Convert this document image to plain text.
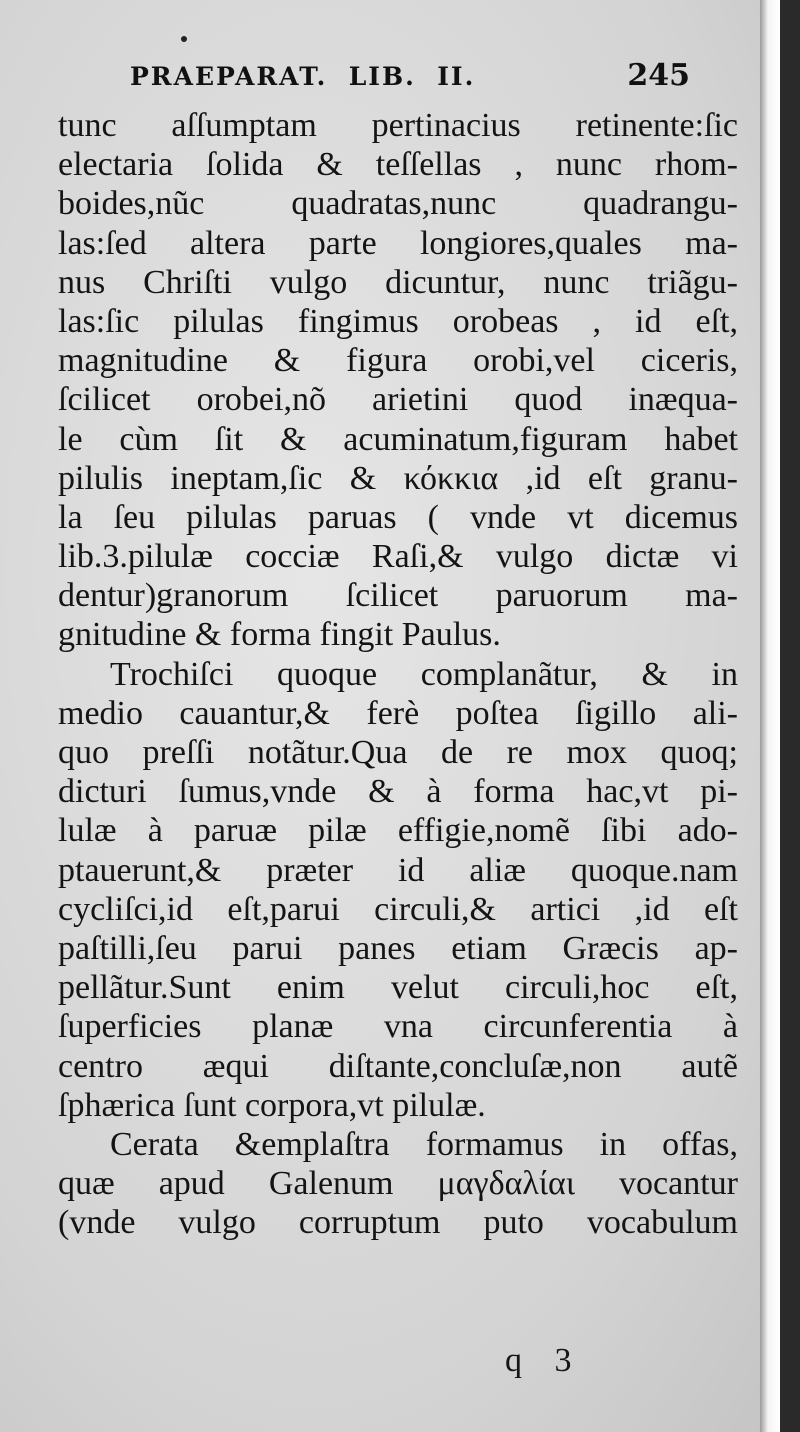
PRAEPARAT.  LIB.  II.	245
tunc aſſumptam pertinacius retinente:ſic
electaria ſolida & teſſellas , nunc rhom-
boides,nũc quadratas,nunc quadrangu-
las:ſed altera parte longiores,quales ma-
nus Chriſti vulgo dicuntur, nunc triãgu-
las:ſic pilulas fingimus orobeas , id eſt,
magnitudine & figura orobi,vel ciceris,
ſcilicet orobei,nõ arietini quod inæqua-
le cùm ſit & acuminatum,figuram habet
pilulis ineptam,ſic & κόκκια ,id eſt granu-
la ſeu pilulas paruas ( vnde vt dicemus
lib.3.pilulæ cocciæ Raſi,& vulgo dictæ vi
dentur)granorum ſcilicet paruorum ma-
gnitudine & forma fingit Paulus.
Trochiſci quoque complanãtur, & in
medio cauantur,& ferè poſtea ſigillo ali-
quo preſſi notãtur.Qua de re mox quoq;
dicturi ſumus,vnde & à forma hac,vt pi-
lulæ à paruæ pilæ effigie,nomẽ ſibi ado-
ptauerunt,& præter id aliæ quoque.nam
cycliſci,id eſt,parui circuli,& artici ,id eſt
paſtilli,ſeu parui panes etiam Græcis ap-
pellãtur.Sunt enim velut circuli,hoc eſt,
ſuperficies planæ vna circunferentia à
centro æqui diſtante,concluſæ,non autẽ
ſphærica ſunt corpora,vt pilulæ.
Cerata &emplaſtra formamus in offas,
quæ apud Galenum μαγδαλίαι vocantur
(vnde vulgo corruptum puto vocabulum
q 3
